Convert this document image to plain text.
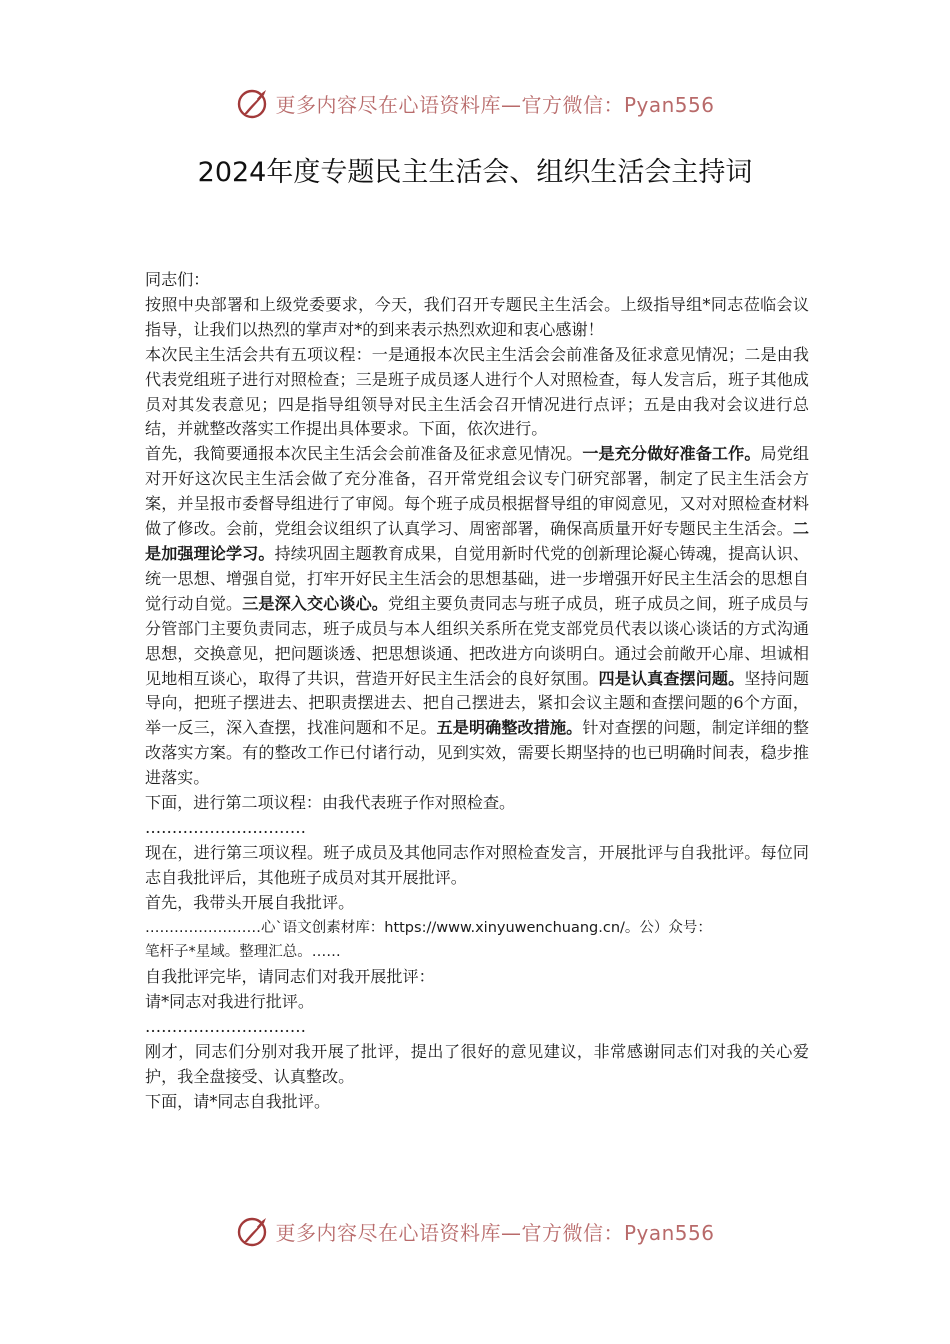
更多内容尽在心语资料库—官方微信：Pyan556
2024年度专题民主生活会、组织生活会主持词

同志们：

按照中央部署和上级党委要求，今天，我们召开专题民主生活会。上级指导组*同志莅临会议指导，让我们以热烈的掌声对*的到来表示热烈欢迎和衷心感谢！

本次民主生活会共有五项议程：一是通报本次民主生活会会前准备及征求意见情况；二是由我代表党组班子进行对照检查；三是班子成员逐人进行个人对照检查，每人发言后，班子其他成员对其发表意见；四是指导组领导对民主生活会召开情况进行点评；五是由我对会议进行总结，并就整改落实工作提出具体要求。下面，依次进行。

首先，我简要通报本次民主生活会会前准备及征求意见情况。一是充分做好准备工作。局党组对开好这次民主生活会做了充分准备，召开常党组会议专门研究部署，制定了民主生活会方案，并呈报市委督导组进行了审阅。每个班子成员根据督导组的审阅意见，又对对照检查材料做了修改。会前，党组会议组织了认真学习、周密部署，确保高质量开好专题民主生活会。二是加强理论学习。持续巩固主题教育成果，自觉用新时代党的创新理论凝心铸魂，提高认识、统一思想、增强自觉，打牢开好民主生活会的思想基础，进一步增强开好民主生活会的思想自觉行动自觉。三是深入交心谈心。党组主要负责同志与班子成员，班子成员之间，班子成员与分管部门主要负责同志，班子成员与本人组织关系所在党支部党员代表以谈心谈话的方式沟通思想，交换意见，把问题谈透、把思想谈通、把改进方向谈明白。通过会前敞开心扉、坦诚相见地相互谈心，取得了共识，营造开好民主生活会的良好氛围。四是认真查摆问题。坚持问题导向，把班子摆进去、把职责摆进去、把自己摆进去，紧扣会议主题和查摆问题的6个方面，举一反三，深入查摆，找准问题和不足。五是明确整改措施。针对查摆的问题，制定详细的整改落实方案。有的整改工作已付诸行动，见到实效，需要长期坚持的也已明确时间表，稳步推进落实。

下面，进行第二项议程：由我代表班子作对照检查。

…………………………

现在，进行第三项议程。班子成员及其他同志作对照检查发言，开展批评与自我批评。每位同志自我批评后，其他班子成员对其开展批评。

首先，我带头开展自我批评。

……………………心`语文创素材库：https://www.xinyuwenchuang.cn/。公）众号：

笔杆子*星域。整理汇总。……

自我批评完毕，请同志们对我开展批评：

请*同志对我进行批评。

…………………………

刚才，同志们分别对我开展了批评，提出了很好的意见建议，非常感谢同志们对我的关心爱护，我全盘接受、认真整改。

下面，请*同志自我批评。

更多内容尽在心语资料库—官方微信：Pyan556
